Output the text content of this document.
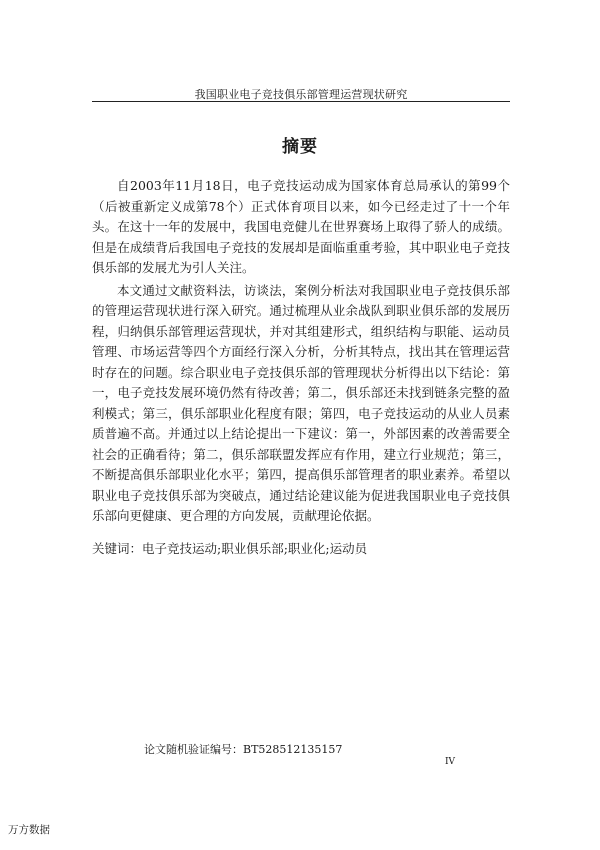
我国职业电子竞技俱乐部管理运营现状研究
摘要

自2003年11月18日，电子竞技运动成为国家体育总局承认的第99个（后被重新定义成第78个）正式体育项目以来，如今已经走过了十一个年头。在这十一年的发展中，我国电竞健儿在世界赛场上取得了骄人的成绩。但是在成绩背后我国电子竞技的发展却是面临重重考验，其中职业电子竞技俱乐部的发展尤为引人关注。

本文通过文献资料法，访谈法，案例分析法对我国职业电子竞技俱乐部的管理运营现状进行深入研究。通过梳理从业余战队到职业俱乐部的发展历程，归纳俱乐部管理运营现状，并对其组建形式，组织结构与职能、运动员管理、市场运营等四个方面经行深入分析，分析其特点，找出其在管理运营时存在的问题。综合职业电子竞技俱乐部的管理现状分析得出以下结论：第一，电子竞技发展环境仍然有待改善；第二，俱乐部还未找到链条完整的盈利模式；第三，俱乐部职业化程度有限；第四，电子竞技运动的从业人员素质普遍不高。并通过以上结论提出一下建议：第一，外部因素的改善需要全社会的正确看待；第二，俱乐部联盟发挥应有作用，建立行业规范；第三，不断提高俱乐部职业化水平；第四，提高俱乐部管理者的职业素养。希望以职业电子竞技俱乐部为突破点，通过结论建议能为促进我国职业电子竞技俱乐部向更健康、更合理的方向发展，贡献理论依据。

关键词：电子竞技运动;职业俱乐部;职业化;运动员
论文随机验证编号：BT528512135157
IV
万方数据
